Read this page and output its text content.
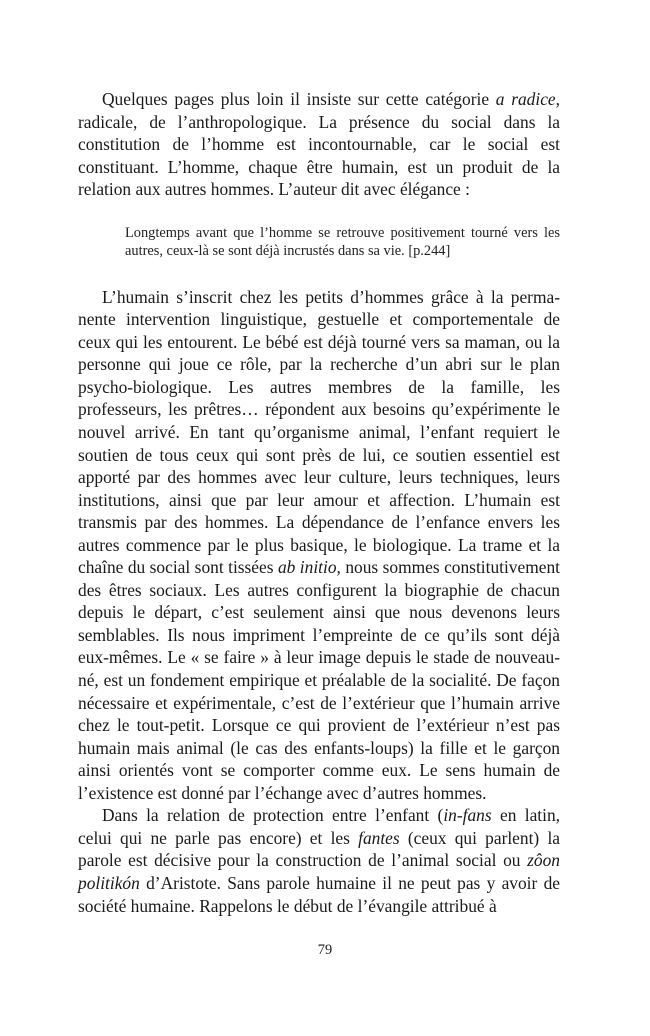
Quelques pages plus loin il insiste sur cette catégorie a radice, radicale, de l’anthropologique. La présence du social dans la constitution de l’homme est incontournable, car le social est constituant. L’homme, chaque être humain, est un produit de la relation aux autres hommes. L’auteur dit avec élégance :

Longtemps avant que l’homme se retrouve positivement tourné vers les autres, ceux-là se sont déjà incrustés dans sa vie. [p.244]

L’humain s’inscrit chez les petits d’hommes grâce à la permanente intervention linguistique, gestuelle et comportementale de ceux qui les entourent. Le bébé est déjà tourné vers sa maman, ou la personne qui joue ce rôle, par la recherche d’un abri sur le plan psycho-biologique. Les autres membres de la famille, les professeurs, les prêtres… répondent aux besoins qu’expérimente le nouvel arrivé. En tant qu’organisme animal, l’enfant requiert le soutien de tous ceux qui sont près de lui, ce soutien essentiel est apporté par des hommes avec leur culture, leurs techniques, leurs institutions, ainsi que par leur amour et affection. L’humain est transmis par des hommes. La dépendance de l’enfance envers les autres commence par le plus basique, le biologique. La trame et la chaîne du social sont tissées ab initio, nous sommes constitutivement des êtres sociaux. Les autres configurent la biographie de chacun depuis le départ, c’est seulement ainsi que nous devenons leurs semblables. Ils nous impriment l’empreinte de ce qu’ils sont déjà eux-mêmes. Le « se faire » à leur image depuis le stade de nouveau-né, est un fondement empirique et préalable de la socialité. De façon nécessaire et expérimentale, c’est de l’extérieur que l’humain arrive chez le tout-petit. Lorsque ce qui provient de l’extérieur n’est pas humain mais animal (le cas des enfants-loups) la fille et le garçon ainsi orientés vont se comporter comme eux. Le sens humain de l’existence est donné par l’échange avec d’autres hommes.

Dans la relation de protection entre l’enfant (in-fans en latin, celui qui ne parle pas encore) et les fantes (ceux qui parlent) la parole est décisive pour la construction de l’animal social ou zôon politikón d’Aristote. Sans parole humaine il ne peut pas y avoir de société humaine. Rappelons le début de l’évangile attribué à

79
